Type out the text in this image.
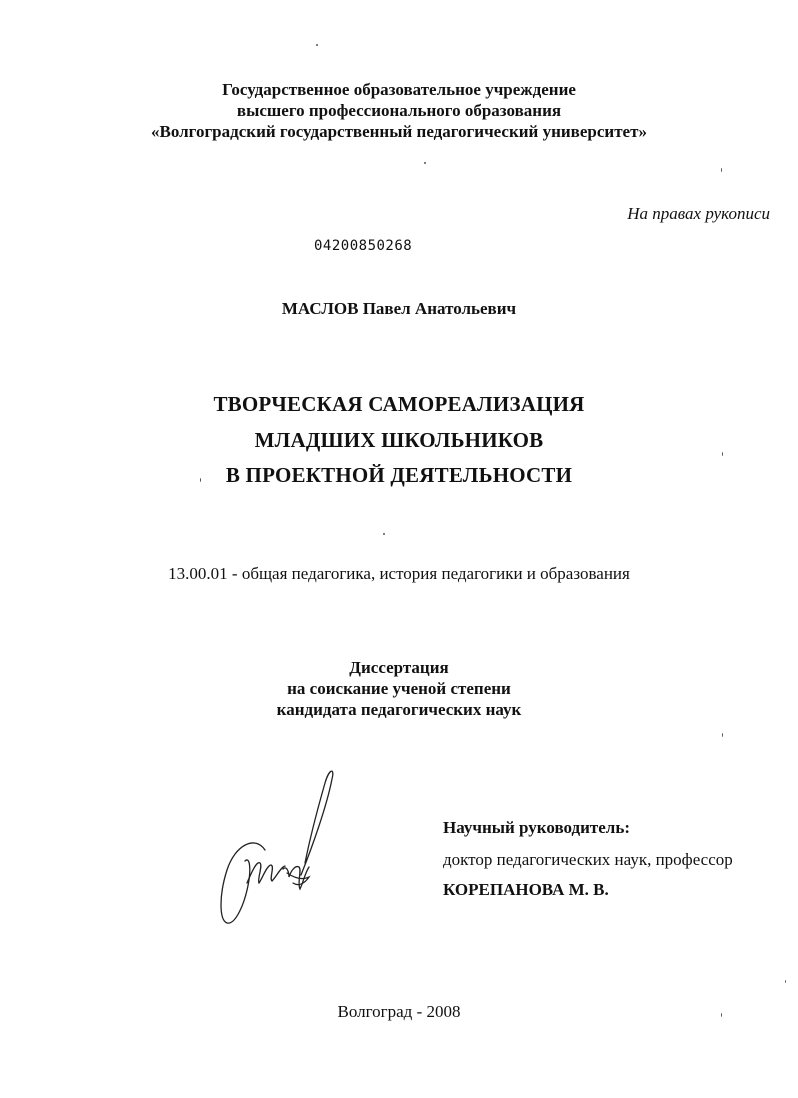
Государственное образовательное учреждение
высшего профессионального образования
«Волгоградский государственный педагогический университет»
На правах рукописи
04200850268
МАСЛОВ Павел Анатольевич
ТВОРЧЕСКАЯ САМОРЕАЛИЗАЦИЯ
МЛАДШИХ ШКОЛЬНИКОВ
В ПРОЕКТНОЙ ДЕЯТЕЛЬНОСТИ
13.00.01 - общая педагогика, история педагогики и образования
Диссертация
на соискание ученой степени
кандидата педагогических наук
Научный руководитель:
доктор педагогических наук, профессор
КОРЕПАНОВА М. В.
Волгоград - 2008
